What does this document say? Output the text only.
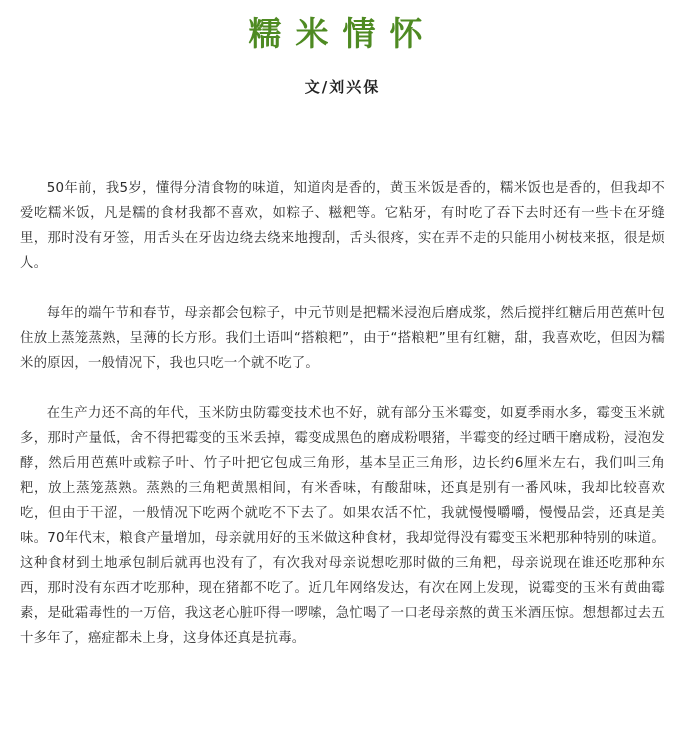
糯米情怀
文/刘兴保

50年前，我5岁，懂得分清食物的味道，知道肉是香的，黄玉米饭是香的，糯米饭也是香的，但我却不爱吃糯米饭，凡是糯的食材我都不喜欢，如粽子、糍粑等。它粘牙，有时吃了吞下去时还有一些卡在牙缝里，那时没有牙签，用舌头在牙齿边绕去绕来地搜刮，舌头很疼，实在弄不走的只能用小树枝来抠，很是烦人。

每年的端午节和春节，母亲都会包粽子，中元节则是把糯米浸泡后磨成浆，然后搅拌红糖后用芭蕉叶包住放上蒸笼蒸熟，呈薄的长方形。我们土语叫“搭粮粑”，由于“搭粮粑”里有红糖，甜，我喜欢吃，但因为糯米的原因，一般情况下，我也只吃一个就不吃了。

在生产力还不高的年代，玉米防虫防霉变技术也不好，就有部分玉米霉变，如夏季雨水多，霉变玉米就多，那时产量低，舍不得把霉变的玉米丢掉，霉变成黑色的磨成粉喂猪，半霉变的经过晒干磨成粉，浸泡发酵，然后用芭蕉叶或粽子叶、竹子叶把它包成三角形，基本呈正三角形，边长约6厘米左右，我们叫三角粑，放上蒸笼蒸熟。蒸熟的三角粑黄黑相间，有米香味，有酸甜味，还真是别有一番风味，我却比较喜欢吃，但由于干涩，一般情况下吃两个就吃不下去了。如果农活不忙，我就慢慢嚼嚼，慢慢品尝，还真是美味。70年代末，粮食产量增加，母亲就用好的玉米做这种食材，我却觉得没有霉变玉米粑那种特别的味道。这种食材到土地承包制后就再也没有了，有次我对母亲说想吃那时做的三角粑，母亲说现在谁还吃那种东西，那时没有东西才吃那种，现在猪都不吃了。近几年网络发达，有次在网上发现，说霉变的玉米有黄曲霉素，是砒霜毒性的一万倍，我这老心脏吓得一啰嗦，急忙喝了一口老母亲熬的黄玉米酒压惊。想想都过去五十多年了，癌症都未上身，这身体还真是抗毒。
